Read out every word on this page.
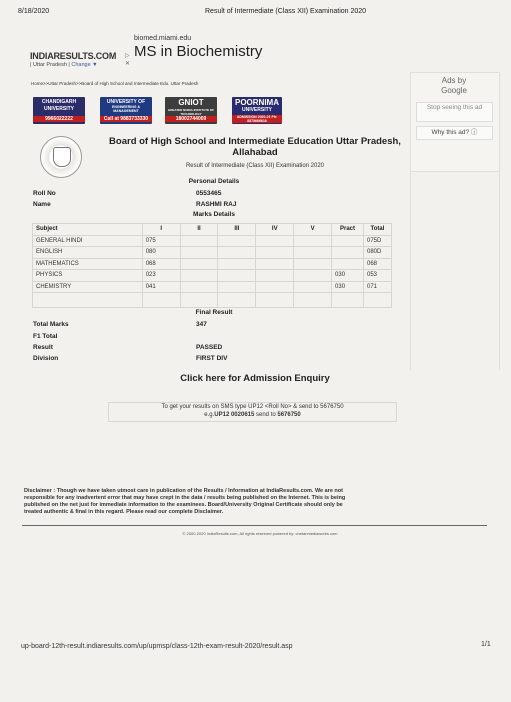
8/18/2020	Result of Intermediate (Class XII) Examination 2020
INDIARESULTS.COM
| Uttar Pradesh | Change ▼
biomed.miami.edu
MS in Biochemistry
▷
✕
Home>>Uttar Pradesh>>Board of High School and Intermediate Edu. Uttar Pradesh
CHANDIGARH
UNIVERSITY
9966022222
UNIVERSITY OF
ENGINEERING & MANAGEMENT
Call at 9883733330
GNIOT
GREATER NOIDA INSTITUTE OF TECHNOLOGY
18002744009
POORNIMA
UNIVERSITY
ADMISSION 2020-21 Ph: 8875666616
Ads by
Google
Stop seeing this ad
Why this ad? ⓘ
Board of High School and Intermediate Education Uttar Pradesh,
Allahabad
Result of Intermediate (Class XII) Examination 2020
Personal Details
Roll No	0553465
Name	RASHMI RAJ
Marks Details
Subject	I	II	III	IV	V	Pract	Total
GENERAL HINDI	075						075D
ENGLISH	080						080D
MATHEMATICS	068						068
PHYSICS	023					030	053
CHEMISTRY	041					030	071

Final Result
Total Marks	347
F1 Total
Result	PASSED
Division	FIRST DIV
Click here for Admission Enquiry
To get your results on SMS type UP12 <Roll No> & send to 5676750
e.g.UP12 0020615 send to 5676750
Disclaimer : Though we have taken utmost care in publication of the Results / Information at IndiaResults.com. We are not responsible for any inadvertent error that may have crept in the data / results being published on the Internet. This is being published on the net just for immediate information to the examinees. Board/University Original Certificate should only be treated authentic & final in this regard. Please read our complete Disclaimer.
© 2000-2020 IndiaResults.com, All rights reserved powered by: chetanmediaworks.com
up-board-12th-result.indiaresults.com/up/upmsp/class-12th-exam-result-2020/result.asp	1/1
